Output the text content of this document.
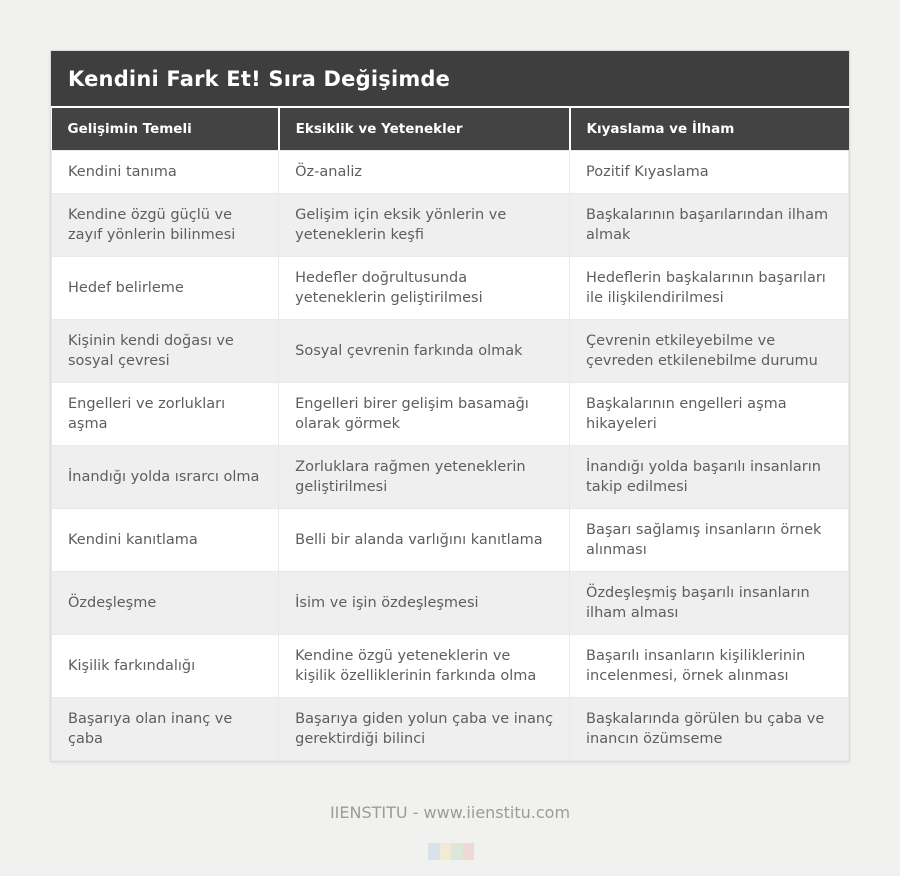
Kendini Fark Et! Sıra Değişimde
Gelişimin Temeli	Eksiklik ve Yetenekler	Kıyaslama ve İlham
Kendini tanıma	Öz-analiz	Pozitif Kıyaslama
Kendine özgü güçlü ve zayıf yönlerin bilinmesi	Gelişim için eksik yönlerin ve yeteneklerin keşfi	Başkalarının başarılarından ilham almak
Hedef belirleme	Hedefler doğrultusunda yeteneklerin geliştirilmesi	Hedeflerin başkalarının başarıları ile ilişkilendirilmesi
Kişinin kendi doğası ve sosyal çevresi	Sosyal çevrenin farkında olmak	Çevrenin etkileyebilme ve çevreden etkilenebilme durumu
Engelleri ve zorlukları aşma	Engelleri birer gelişim basamağı olarak görmek	Başkalarının engelleri aşma hikayeleri
İnandığı yolda ısrarcı olma	Zorluklara rağmen yeteneklerin geliştirilmesi	İnandığı yolda başarılı insanların takip edilmesi
Kendini kanıtlama	Belli bir alanda varlığını kanıtlama	Başarı sağlamış insanların örnek alınması
Özdeşleşme	İsim ve işin özdeşleşmesi	Özdeşleşmiş başarılı insanların ilham alması
Kişilik farkındalığı	Kendine özgü yeteneklerin ve kişilik özelliklerinin farkında olma	Başarılı insanların kişiliklerinin incelenmesi, örnek alınması
Başarıya olan inanç ve çaba	Başarıya giden yolun çaba ve inanç gerektirdiği bilinci	Başkalarında görülen bu çaba ve inancın özümseme
IIENSTITU - www.iienstitu.com
